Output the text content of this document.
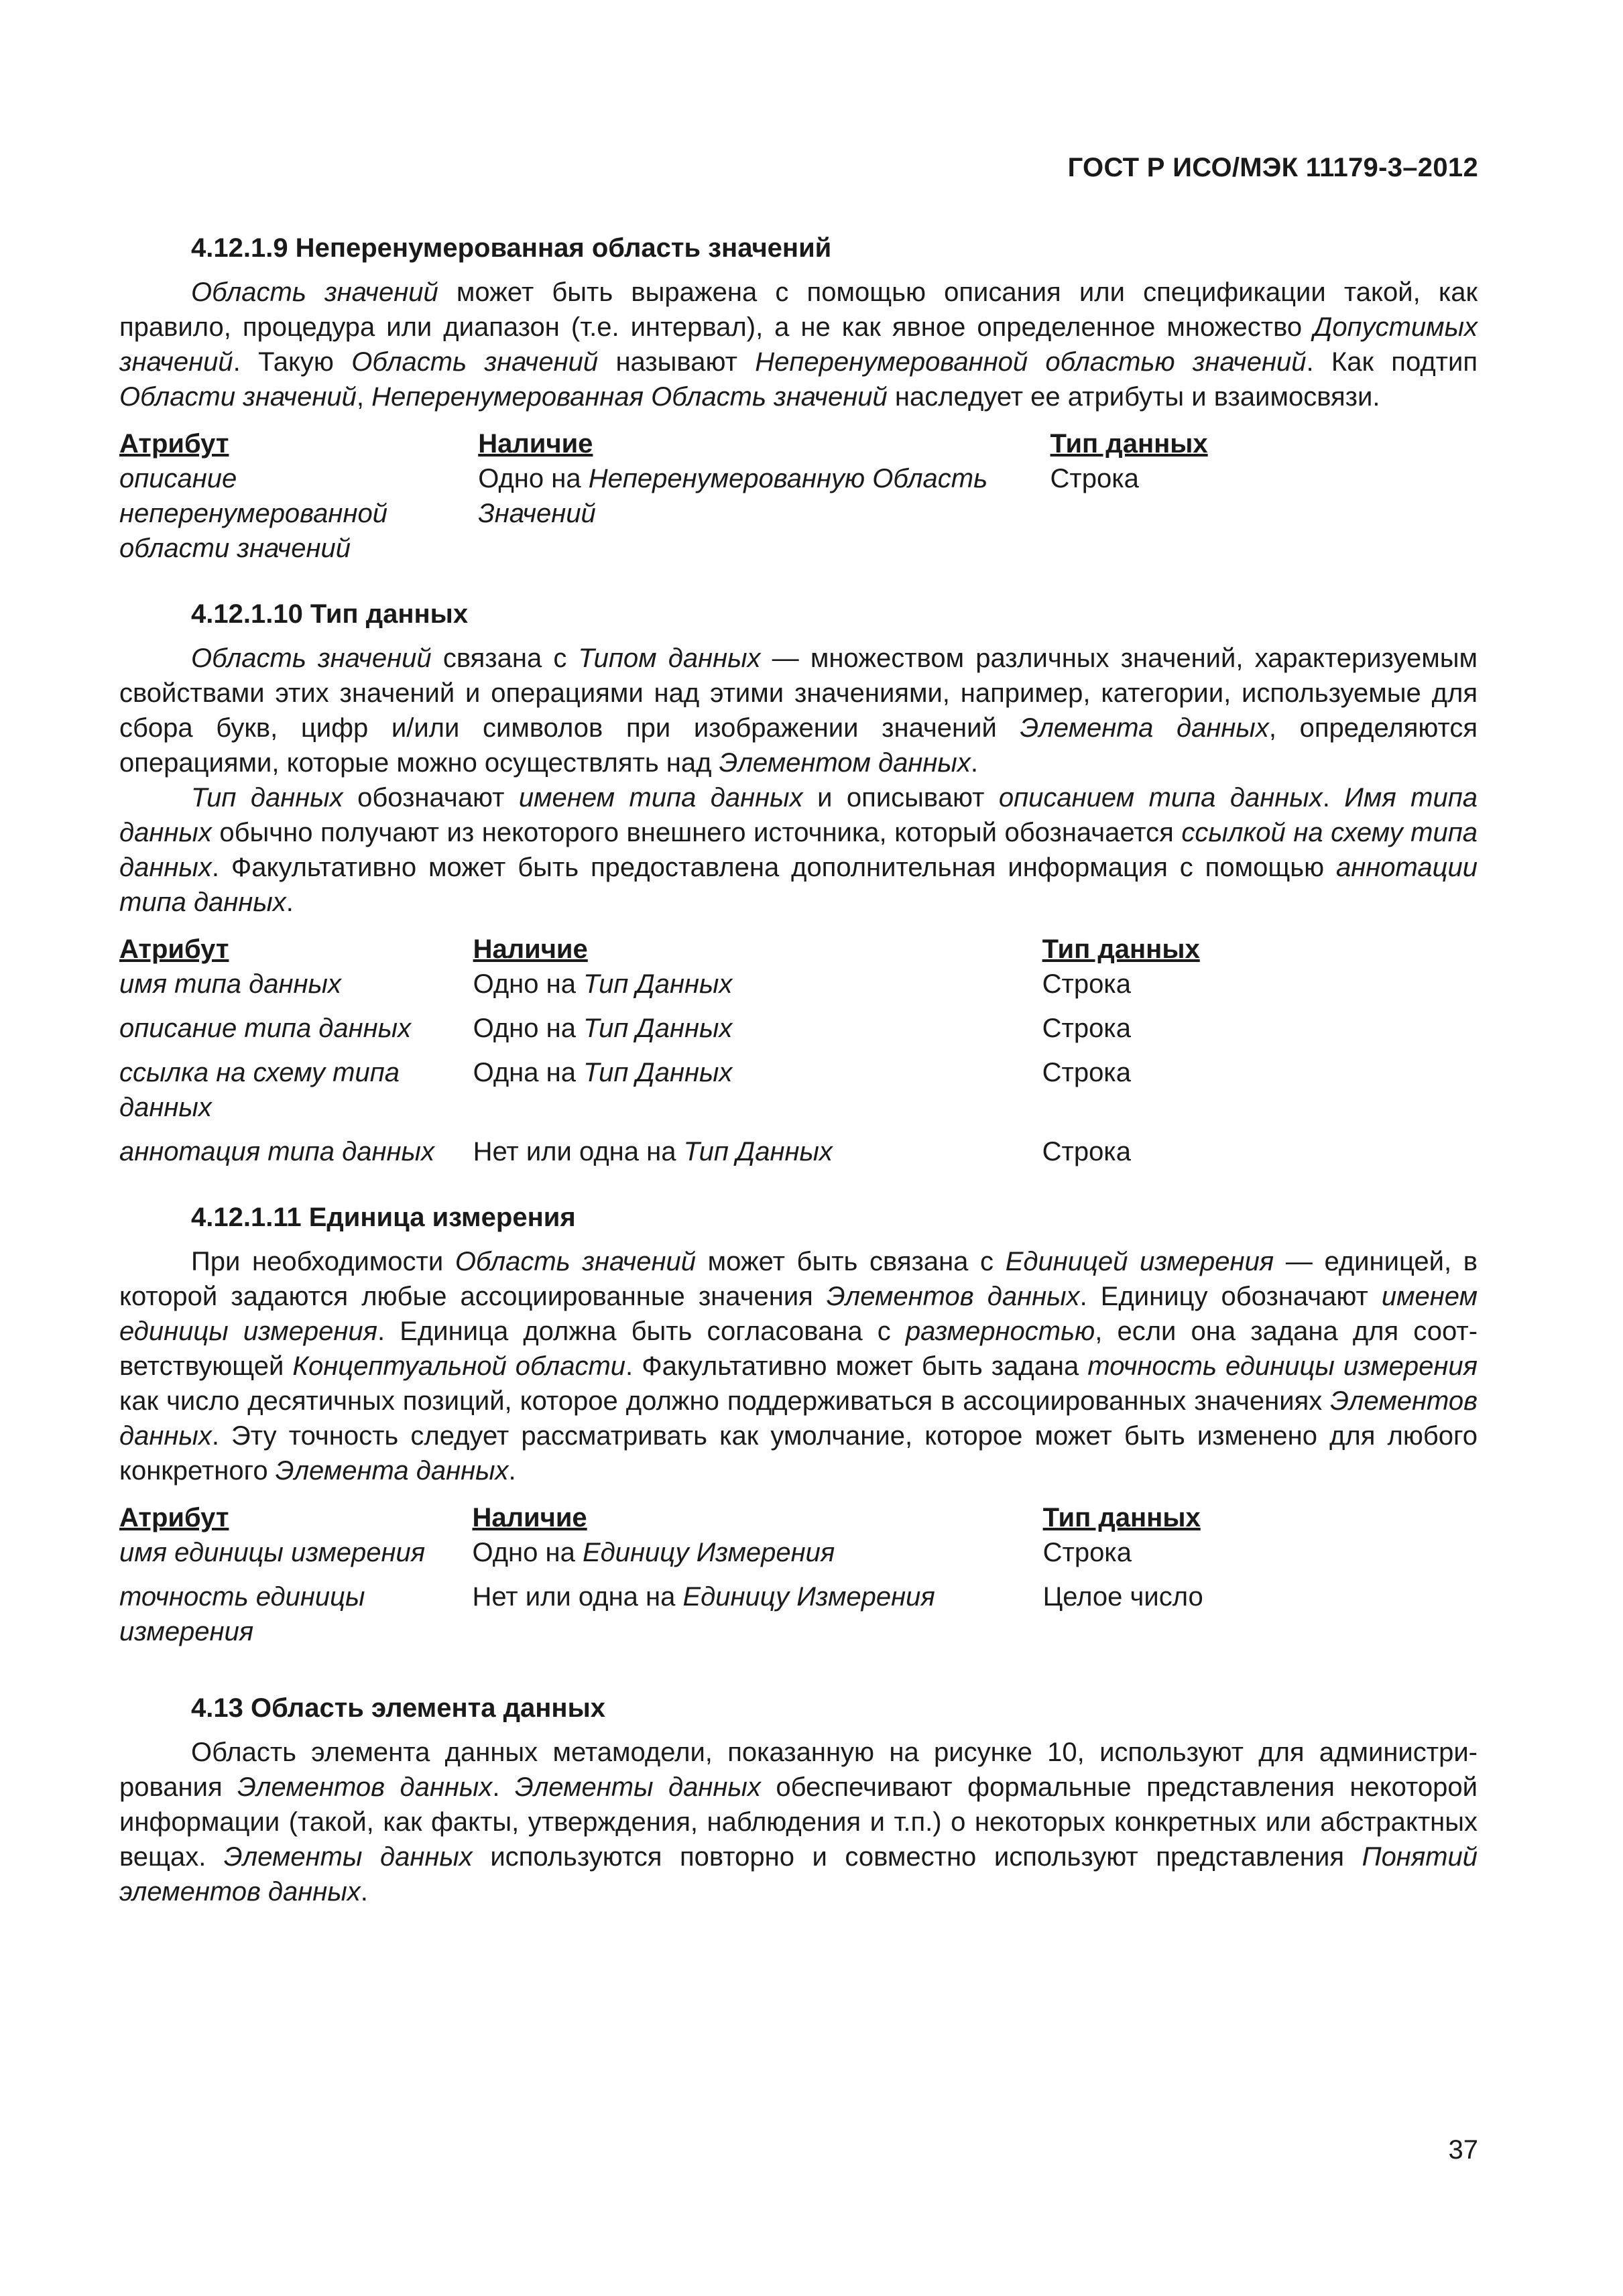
ГОСТ Р ИСО/МЭК 11179-3–2012
4.12.1.9 Неперенумерованная область значений
Область значений может быть выражена с помощью описания или спецификации такой, как правило, процедура или диапазон (т.е. интервал), а не как явное определенное множество Допустимых значений. Такую Область значений называют Неперенумерованной областью значений. Как подтип Области значений, Неперенумерованная Область значений наследует ее атрибуты и взаимосвязи.
Атрибут	Наличие	Тип данных
описание неперенумерованной области значений	Одно на Неперенумерованную Область Значений	Строка
4.12.1.10 Тип данных
Область значений связана с Типом данных — множеством различных значений, характеризуемым свойствами этих значений и операциями над этими значениями, например, категории, используемые для сбора букв, цифр и/или символов при изображении значений Элемента данных, определяются операциями, которые можно осуществлять над Элементом данных.
Тип данных обозначают именем типа данных и описывают описанием типа данных. Имя типа данных обычно получают из некоторого внешнего источника, который обозначается ссылкой на схему типа данных. Факультативно может быть предоставлена дополнительная информация с помощью аннотации типа данных.
Атрибут	Наличие	Тип данных
имя типа данных	Одно на Тип Данных	Строка
описание типа данных	Одно на Тип Данных	Строка
ссылка на схему типа данных	Одна на Тип Данных	Строка
аннотация типа данных	Нет или одна на Тип Данных	Строка
4.12.1.11 Единица измерения
При необходимости Область значений может быть связана с Единицей измерения — единицей, в которой задаются любые ассоциированные значения Элементов данных. Единицу обозначают именем единицы измерения. Единица должна быть согласована с размерностью, если она задана для соответствующей Концептуальной области. Факультативно может быть задана точность единицы измерения как число десятичных позиций, которое должно поддерживаться в ассоциированных значениях Элементов данных. Эту точность следует рассматривать как умолчание, которое может быть изменено для любого конкретного Элемента данных.
Атрибут	Наличие	Тип данных
имя единицы измерения	Одно на Единицу Измерения	Строка
точность единицы измерения	Нет или одна на Единицу Измерения	Целое число
4.13 Область элемента данных
Область элемента данных метамодели, показанную на рисунке 10, используют для администрирования Элементов данных. Элементы данных обеспечивают формальные представления некоторой информации (такой, как факты, утверждения, наблюдения и т.п.) о некоторых конкретных или абстрактных вещах. Элементы данных используются повторно и совместно используют представления Понятий элементов данных.
37
